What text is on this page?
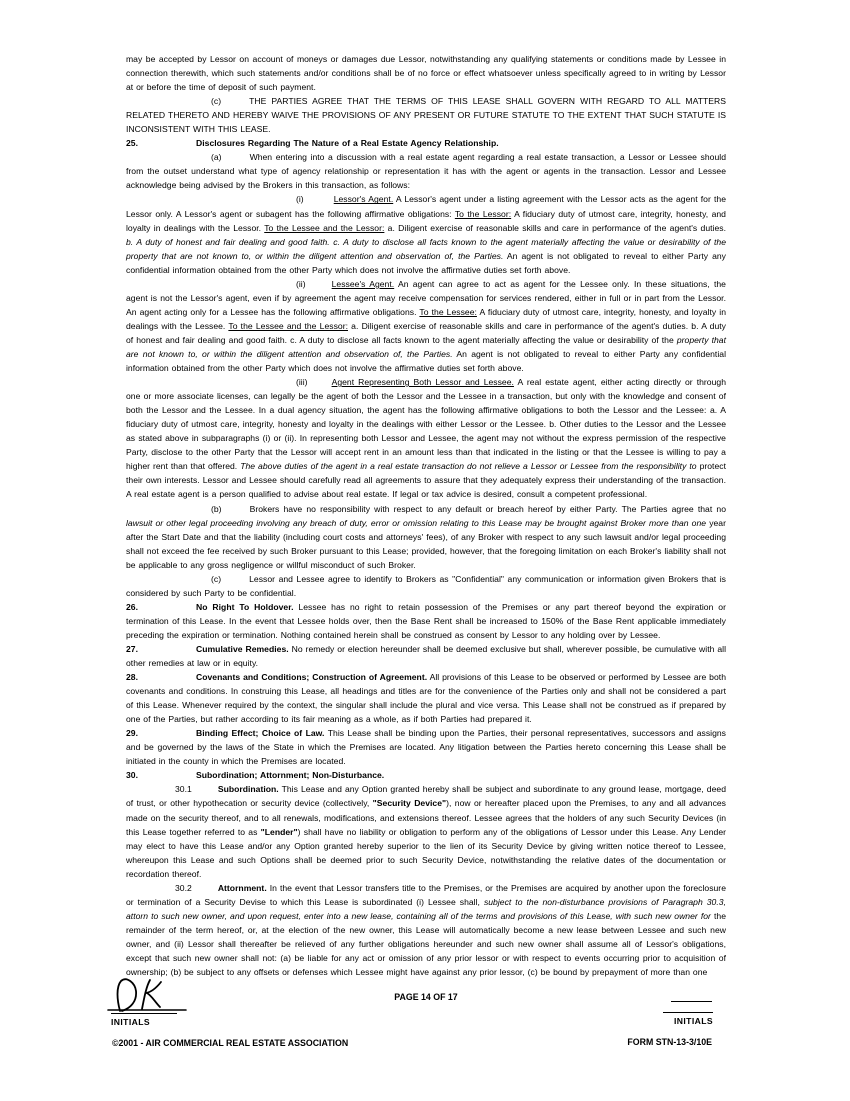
may be accepted by Lessor on account of moneys or damages due Lessor, notwithstanding any qualifying statements or conditions made by Lessee in connection therewith, which such statements and/or conditions shall be of no force or effect whatsoever unless specifically agreed to in writing by Lessor at or before the time of deposit of such payment.

(c)	THE PARTIES AGREE THAT THE TERMS OF THIS LEASE SHALL GOVERN WITH REGARD TO ALL MATTERS RELATED THERETO AND HEREBY WAIVE THE PROVISIONS OF ANY PRESENT OR FUTURE STATUTE TO THE EXTENT THAT SUCH STATUTE IS INCONSISTENT WITH THIS LEASE.

25.	Disclosures Regarding The Nature of a Real Estate Agency Relationship.

(a)	When entering into a discussion with a real estate agent regarding a real estate transaction, a Lessor or Lessee should from the outset understand what type of agency relationship or representation it has with the agent or agents in the transaction. Lessor and Lessee acknowledge being advised by the Brokers in this transaction, as follows:

(i)	Lessor's Agent. A Lessor's agent under a listing agreement with the Lessor acts as the agent for the Lessor only. A Lessor's agent or subagent has the following affirmative obligations: To the Lessor: A fiduciary duty of utmost care, integrity, honesty, and loyalty in dealings with the Lessor. To the Lessee and the Lessor: a. Diligent exercise of reasonable skills and care in performance of the agent's duties. b. A duty of honest and fair dealing and good faith. c. A duty to disclose all facts known to the agent materially affecting the value or desirability of the property that are not known to, or within the diligent attention and observation of, the Parties. An agent is not obligated to reveal to either Party any confidential information obtained from the other Party which does not involve the affirmative duties set forth above.

(ii)	Lessee's Agent. An agent can agree to act as agent for the Lessee only. In these situations, the agent is not the Lessor's agent, even if by agreement the agent may receive compensation for services rendered, either in full or in part from the Lessor. An agent acting only for a Lessee has the following affirmative obligations. To the Lessee: A fiduciary duty of utmost care, integrity, honesty, and loyalty in dealings with the Lessee. To the Lessee and the Lessor: a. Diligent exercise of reasonable skills and care in performance of the agent's duties. b. A duty of honest and fair dealing and good faith. c. A duty to disclose all facts known to the agent materially affecting the value or desirability of the property that are not known to, or within the diligent attention and observation of, the Parties. An agent is not obligated to reveal to either Party any confidential information obtained from the other Party which does not involve the affirmative duties set forth above.

(iii)	Agent Representing Both Lessor and Lessee. A real estate agent, either acting directly or through one or more associate licenses, can legally be the agent of both the Lessor and the Lessee in a transaction, but only with the knowledge and consent of both the Lessor and the Lessee. In a dual agency situation, the agent has the following affirmative obligations to both the Lessor and the Lessee: a. A fiduciary duty of utmost care, integrity, honesty and loyalty in the dealings with either Lessor or the Lessee. b. Other duties to the Lessor and the Lessee as stated above in subparagraphs (i) or (ii). In representing both Lessor and Lessee, the agent may not without the express permission of the respective Party, disclose to the other Party that the Lessor will accept rent in an amount less than that indicated in the listing or that the Lessee is willing to pay a higher rent than that offered. The above duties of the agent in a real estate transaction do not relieve a Lessor or Lessee from the responsibility to protect their own interests. Lessor and Lessee should carefully read all agreements to assure that they adequately express their understanding of the transaction. A real estate agent is a person qualified to advise about real estate. If legal or tax advice is desired, consult a competent professional.

(b)	Brokers have no responsibility with respect to any default or breach hereof by either Party. The Parties agree that no lawsuit or other legal proceeding involving any breach of duty, error or omission relating to this Lease may be brought against Broker more than one year after the Start Date and that the liability (including court costs and attorneys' fees), of any Broker with respect to any such lawsuit and/or legal proceeding shall not exceed the fee received by such Broker pursuant to this Lease; provided, however, that the foregoing limitation on each Broker's liability shall not be applicable to any gross negligence or willful misconduct of such Broker.

(c)	Lessor and Lessee agree to identify to Brokers as "Confidential" any communication or information given Brokers that is considered by such Party to be confidential.

26.	No Right To Holdover. Lessee has no right to retain possession of the Premises or any part thereof beyond the expiration or termination of this Lease. In the event that Lessee holds over, then the Base Rent shall be increased to 150% of the Base Rent applicable immediately preceding the expiration or termination. Nothing contained herein shall be construed as consent by Lessor to any holding over by Lessee.

27.	Cumulative Remedies. No remedy or election hereunder shall be deemed exclusive but shall, wherever possible, be cumulative with all other remedies at law or in equity.

28.	Covenants and Conditions; Construction of Agreement. All provisions of this Lease to be observed or performed by Lessee are both covenants and conditions. In construing this Lease, all headings and titles are for the convenience of the Parties only and shall not be considered a part of this Lease. Whenever required by the context, the singular shall include the plural and vice versa. This Lease shall not be construed as if prepared by one of the Parties, but rather according to its fair meaning as a whole, as if both Parties had prepared it.

29.	Binding Effect; Choice of Law. This Lease shall be binding upon the Parties, their personal representatives, successors and assigns and be governed by the laws of the State in which the Premises are located. Any litigation between the Parties hereto concerning this Lease shall be initiated in the county in which the Premises are located.

30.	Subordination; Attornment; Non-Disturbance.

30.1	Subordination. This Lease and any Option granted hereby shall be subject and subordinate to any ground lease, mortgage, deed of trust, or other hypothecation or security device (collectively, "Security Device"), now or hereafter placed upon the Premises, to any and all advances made on the security thereof, and to all renewals, modifications, and extensions thereof. Lessee agrees that the holders of any such Security Devices (in this Lease together referred to as "Lender") shall have no liability or obligation to perform any of the obligations of Lessor under this Lease. Any Lender may elect to have this Lease and/or any Option granted hereby superior to the lien of its Security Device by giving written notice thereof to Lessee, whereupon this Lease and such Options shall be deemed prior to such Security Device, notwithstanding the relative dates of the documentation or recordation thereof.

30.2	Attornment. In the event that Lessor transfers title to the Premises, or the Premises are acquired by another upon the foreclosure or termination of a Security Devise to which this Lease is subordinated (i) Lessee shall, subject to the non-disturbance provisions of Paragraph 30.3, attorn to such new owner, and upon request, enter into a new lease, containing all of the terms and provisions of this Lease, with such new owner for the remainder of the term hereof, or, at the election of the new owner, this Lease will automatically become a new lease between Lessee and such new owner, and (ii) Lessor shall thereafter be relieved of any further obligations hereunder and such new owner shall assume all of Lessor's obligations, except that such new owner shall not: (a) be liable for any act or omission of any prior lessor or with respect to events occurring prior to acquisition of ownership; (b) be subject to any offsets or defenses which Lessee might have against any prior lessor, (c) be bound by prepayment of more than one

INITIALS
PAGE 14 OF 17
INITIALS
©2001 - AIR COMMERCIAL REAL ESTATE ASSOCIATION	FORM STN-13-3/10E
